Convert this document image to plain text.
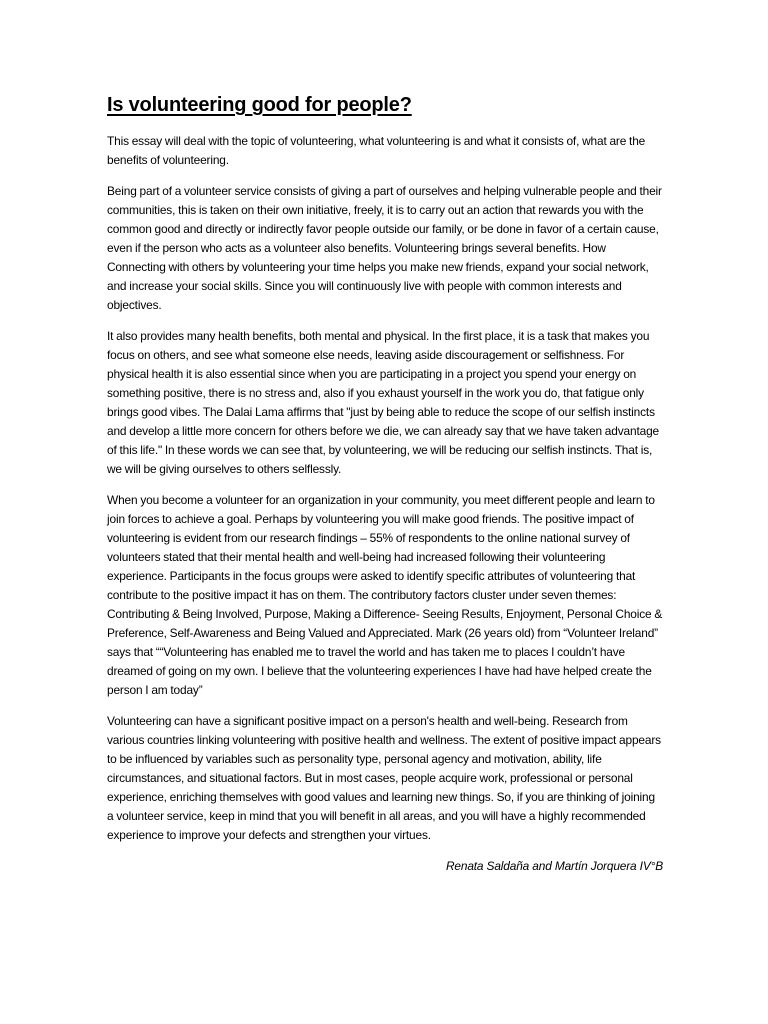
Is volunteering good for people?

This essay will deal with the topic of volunteering, what volunteering is and what it consists of, what are the benefits of volunteering.

Being part of a volunteer service consists of giving a part of ourselves and helping vulnerable people and their communities, this is taken on their own initiative, freely, it is to carry out an action that rewards you with the common good and directly or indirectly favor people outside our family, or be done in favor of a certain cause, even if the person who acts as a volunteer also benefits. Volunteering brings several benefits. How Connecting with others by volunteering your time helps you make new friends, expand your social network, and increase your social skills. Since you will continuously live with people with common interests and objectives.

It also provides many health benefits, both mental and physical. In the first place, it is a task that makes you focus on others, and see what someone else needs, leaving aside discouragement or selfishness. For physical health it is also essential since when you are participating in a project you spend your energy on something positive, there is no stress and, also if you exhaust yourself in the work you do, that fatigue only brings good vibes. The Dalai Lama affirms that "just by being able to reduce the scope of our selfish instincts and develop a little more concern for others before we die, we can already say that we have taken advantage of this life." In these words we can see that, by volunteering, we will be reducing our selfish instincts. That is, we will be giving ourselves to others selflessly.

When you become a volunteer for an organization in your community, you meet different people and learn to join forces to achieve a goal. Perhaps by volunteering you will make good friends. The positive impact of volunteering is evident from our research findings – 55% of respondents to the online national survey of volunteers stated that their mental health and well-being had increased following their volunteering experience. Participants in the focus groups were asked to identify specific attributes of volunteering that contribute to the positive impact it has on them. The contributory factors cluster under seven themes: Contributing & Being Involved, Purpose, Making a Difference- Seeing Results, Enjoyment, Personal Choice & Preference, Self-Awareness and Being Valued and Appreciated. Mark (26 years old) from “Volunteer Ireland” says that ““Volunteering has enabled me to travel the world and has taken me to places I couldn’t have dreamed of going on my own. I believe that the volunteering experiences I have had have helped create the person I am today”

Volunteering can have a significant positive impact on a person's health and well-being. Research from various countries linking volunteering with positive health and wellness. The extent of positive impact appears to be influenced by variables such as personality type, personal agency and motivation, ability, life circumstances, and situational factors. But in most cases, people acquire work, professional or personal experience, enriching themselves with good values and learning new things. So, if you are thinking of joining a volunteer service, keep in mind that you will benefit in all areas, and you will have a highly recommended experience to improve your defects and strengthen your virtues.

Renata Saldaña and Martín Jorquera IV°B
